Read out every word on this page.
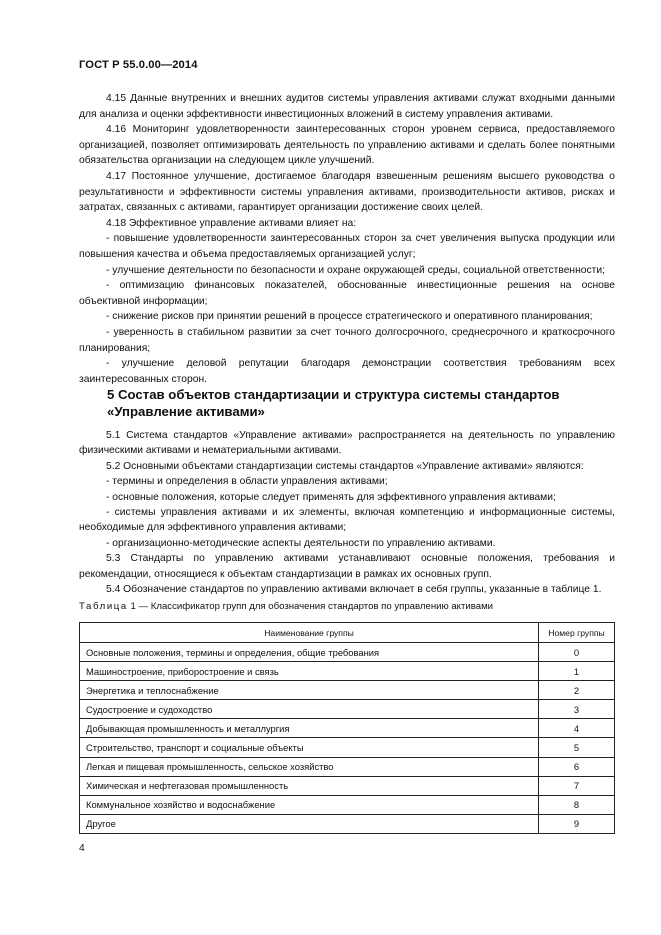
ГОСТ Р 55.0.00—2014

4.15 Данные внутренних и внешних аудитов системы управления активами служат входными данными для анализа и оценки эффективности инвестиционных вложений в систему управления активами.

4.16 Мониторинг удовлетворенности заинтересованных сторон уровнем сервиса, предоставляемого организацией, позволяет оптимизировать деятельность по управлению активами и сделать более понятными обязательства организации на следующем цикле улучшений.

4.17 Постоянное улучшение, достигаемое благодаря взвешенным решениям высшего руководства о результативности и эффективности системы управления активами, производительности активов, рисках и затратах, связанных с активами, гарантирует организации достижение своих целей.

4.18 Эффективное управление активами влияет на:

- повышение удовлетворенности заинтересованных сторон за счет увеличения выпуска продукции или повышения качества и объема предоставляемых организацией услуг;

- улучшение деятельности по безопасности и охране окружающей среды, социальной ответственности;

- оптимизацию финансовых показателей, обоснованные инвестиционные решения на основе объективной информации;

- снижение рисков при принятии решений в процессе стратегического и оперативного планирования;

- уверенность в стабильном развитии за счет точного долгосрочного, среднесрочного и краткосрочного планирования;

- улучшение деловой репутации благодаря демонстрации соответствия требованиям всех заинтересованных сторон.

5 Состав объектов стандартизации и структура системы стандартов
«Управление активами»

5.1 Система стандартов «Управление активами» распространяется на деятельность по управлению физическими активами и нематериальными активами.

5.2 Основными объектами стандартизации системы стандартов «Управление активами» являются:

- термины и определения в области управления активами;

- основные положения, которые следует применять для эффективного управления активами;

- системы управления активами и их элементы, включая компетенцию и информационные системы, необходимые для эффективного управления активами;

- организационно-методические аспекты деятельности по управлению активами.

5.3 Стандарты по управлению активами устанавливают основные положения, требования и рекомендации, относящиеся к объектам стандартизации в рамках их основных групп.

5.4 Обозначение стандартов по управлению активами включает в себя группы, указанные в таблице 1.

Таблица 1 — Классификатор групп для обозначения стандартов по управлению активами
Наименование группы	Номер группы
Основные положения, термины и определения, общие требования	0
Машиностроение, приборостроение и связь	1
Энергетика и теплоснабжение	2
Судостроение и судоходство	3
Добывающая промышленность и металлургия	4
Строительство, транспорт и социальные объекты	5
Легкая и пищевая промышленность, сельское хозяйство	6
Химическая и нефтегазовая промышленность	7
Коммунальное хозяйство и водоснабжение	8
Другое	9
4
